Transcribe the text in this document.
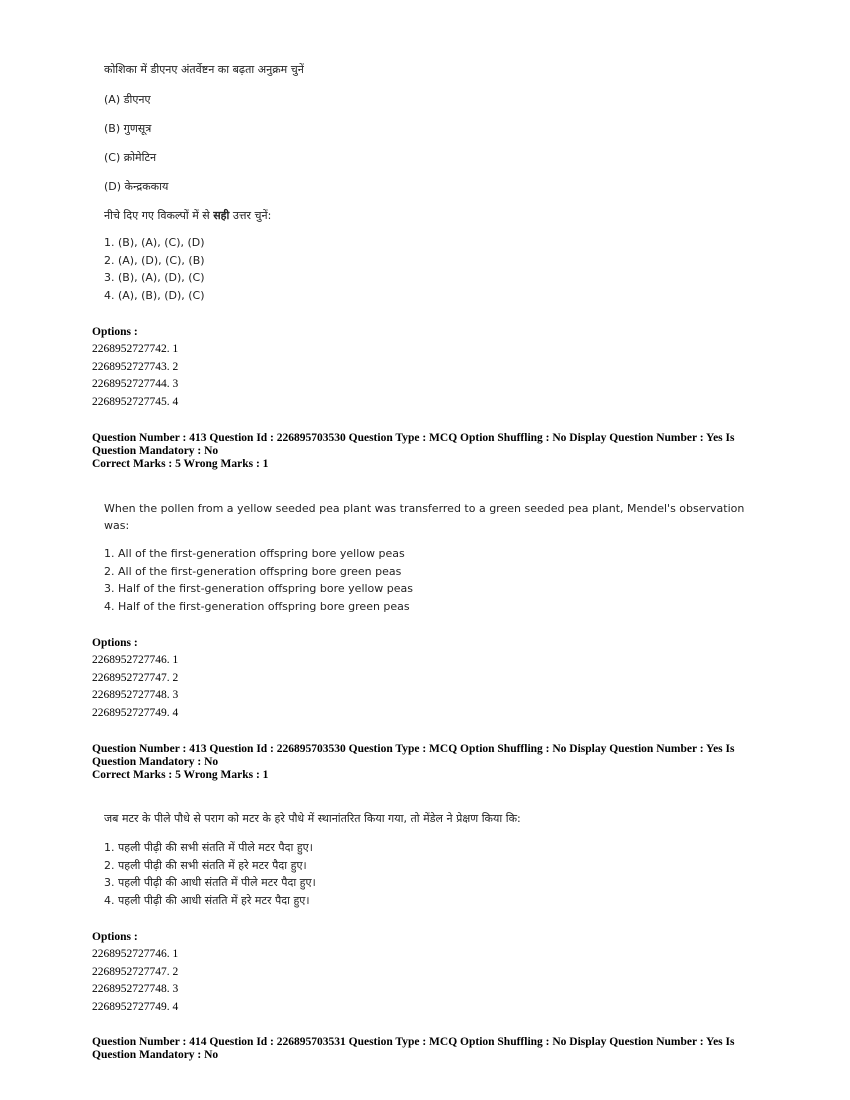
कोशिका में डीएनए अंतर्वेष्टन का बढ़ता अनुक्रम चुनें
(A) डीएनए
(B) गुणसूत्र
(C) क्रोमेटिन
(D) केन्द्रककाय
नीचे दिए गए विकल्पों में से सही उत्तर चुनें:
1. (B), (A), (C), (D)
2. (A), (D), (C), (B)
3. (B), (A), (D), (C)
4. (A), (B), (D), (C)
Options :
2268952727742. 1
2268952727743. 2
2268952727744. 3
2268952727745. 4
Question Number : 413 Question Id : 226895703530 Question Type : MCQ Option Shuffling : No Display Question Number : Yes Is
Question Mandatory : No
Correct Marks : 5 Wrong Marks : 1
When the pollen from a yellow seeded pea plant was transferred to a green seeded pea plant, Mendel's observation
was:
1. All of the first-generation offspring bore yellow peas
2. All of the first-generation offspring bore green peas
3. Half of the first-generation offspring bore yellow peas
4. Half of the first-generation offspring bore green peas
Options :
2268952727746. 1
2268952727747. 2
2268952727748. 3
2268952727749. 4
Question Number : 413 Question Id : 226895703530 Question Type : MCQ Option Shuffling : No Display Question Number : Yes Is
Question Mandatory : No
Correct Marks : 5 Wrong Marks : 1
जब मटर के पीले पौधे से पराग को मटर के हरे पौधे में स्थानांतरित किया गया, तो मेंडेल ने प्रेक्षण किया कि:
1. पहली पीढ़ी की सभी संतति में पीले मटर पैदा हुए।
2. पहली पीढ़ी की सभी संतति में हरे मटर पैदा हुए।
3. पहली पीढ़ी की आधी संतति में पीले मटर पैदा हुए।
4. पहली पीढ़ी की आधी संतति में हरे मटर पैदा हुए।
Options :
2268952727746. 1
2268952727747. 2
2268952727748. 3
2268952727749. 4
Question Number : 414 Question Id : 226895703531 Question Type : MCQ Option Shuffling : No Display Question Number : Yes Is
Question Mandatory : No
